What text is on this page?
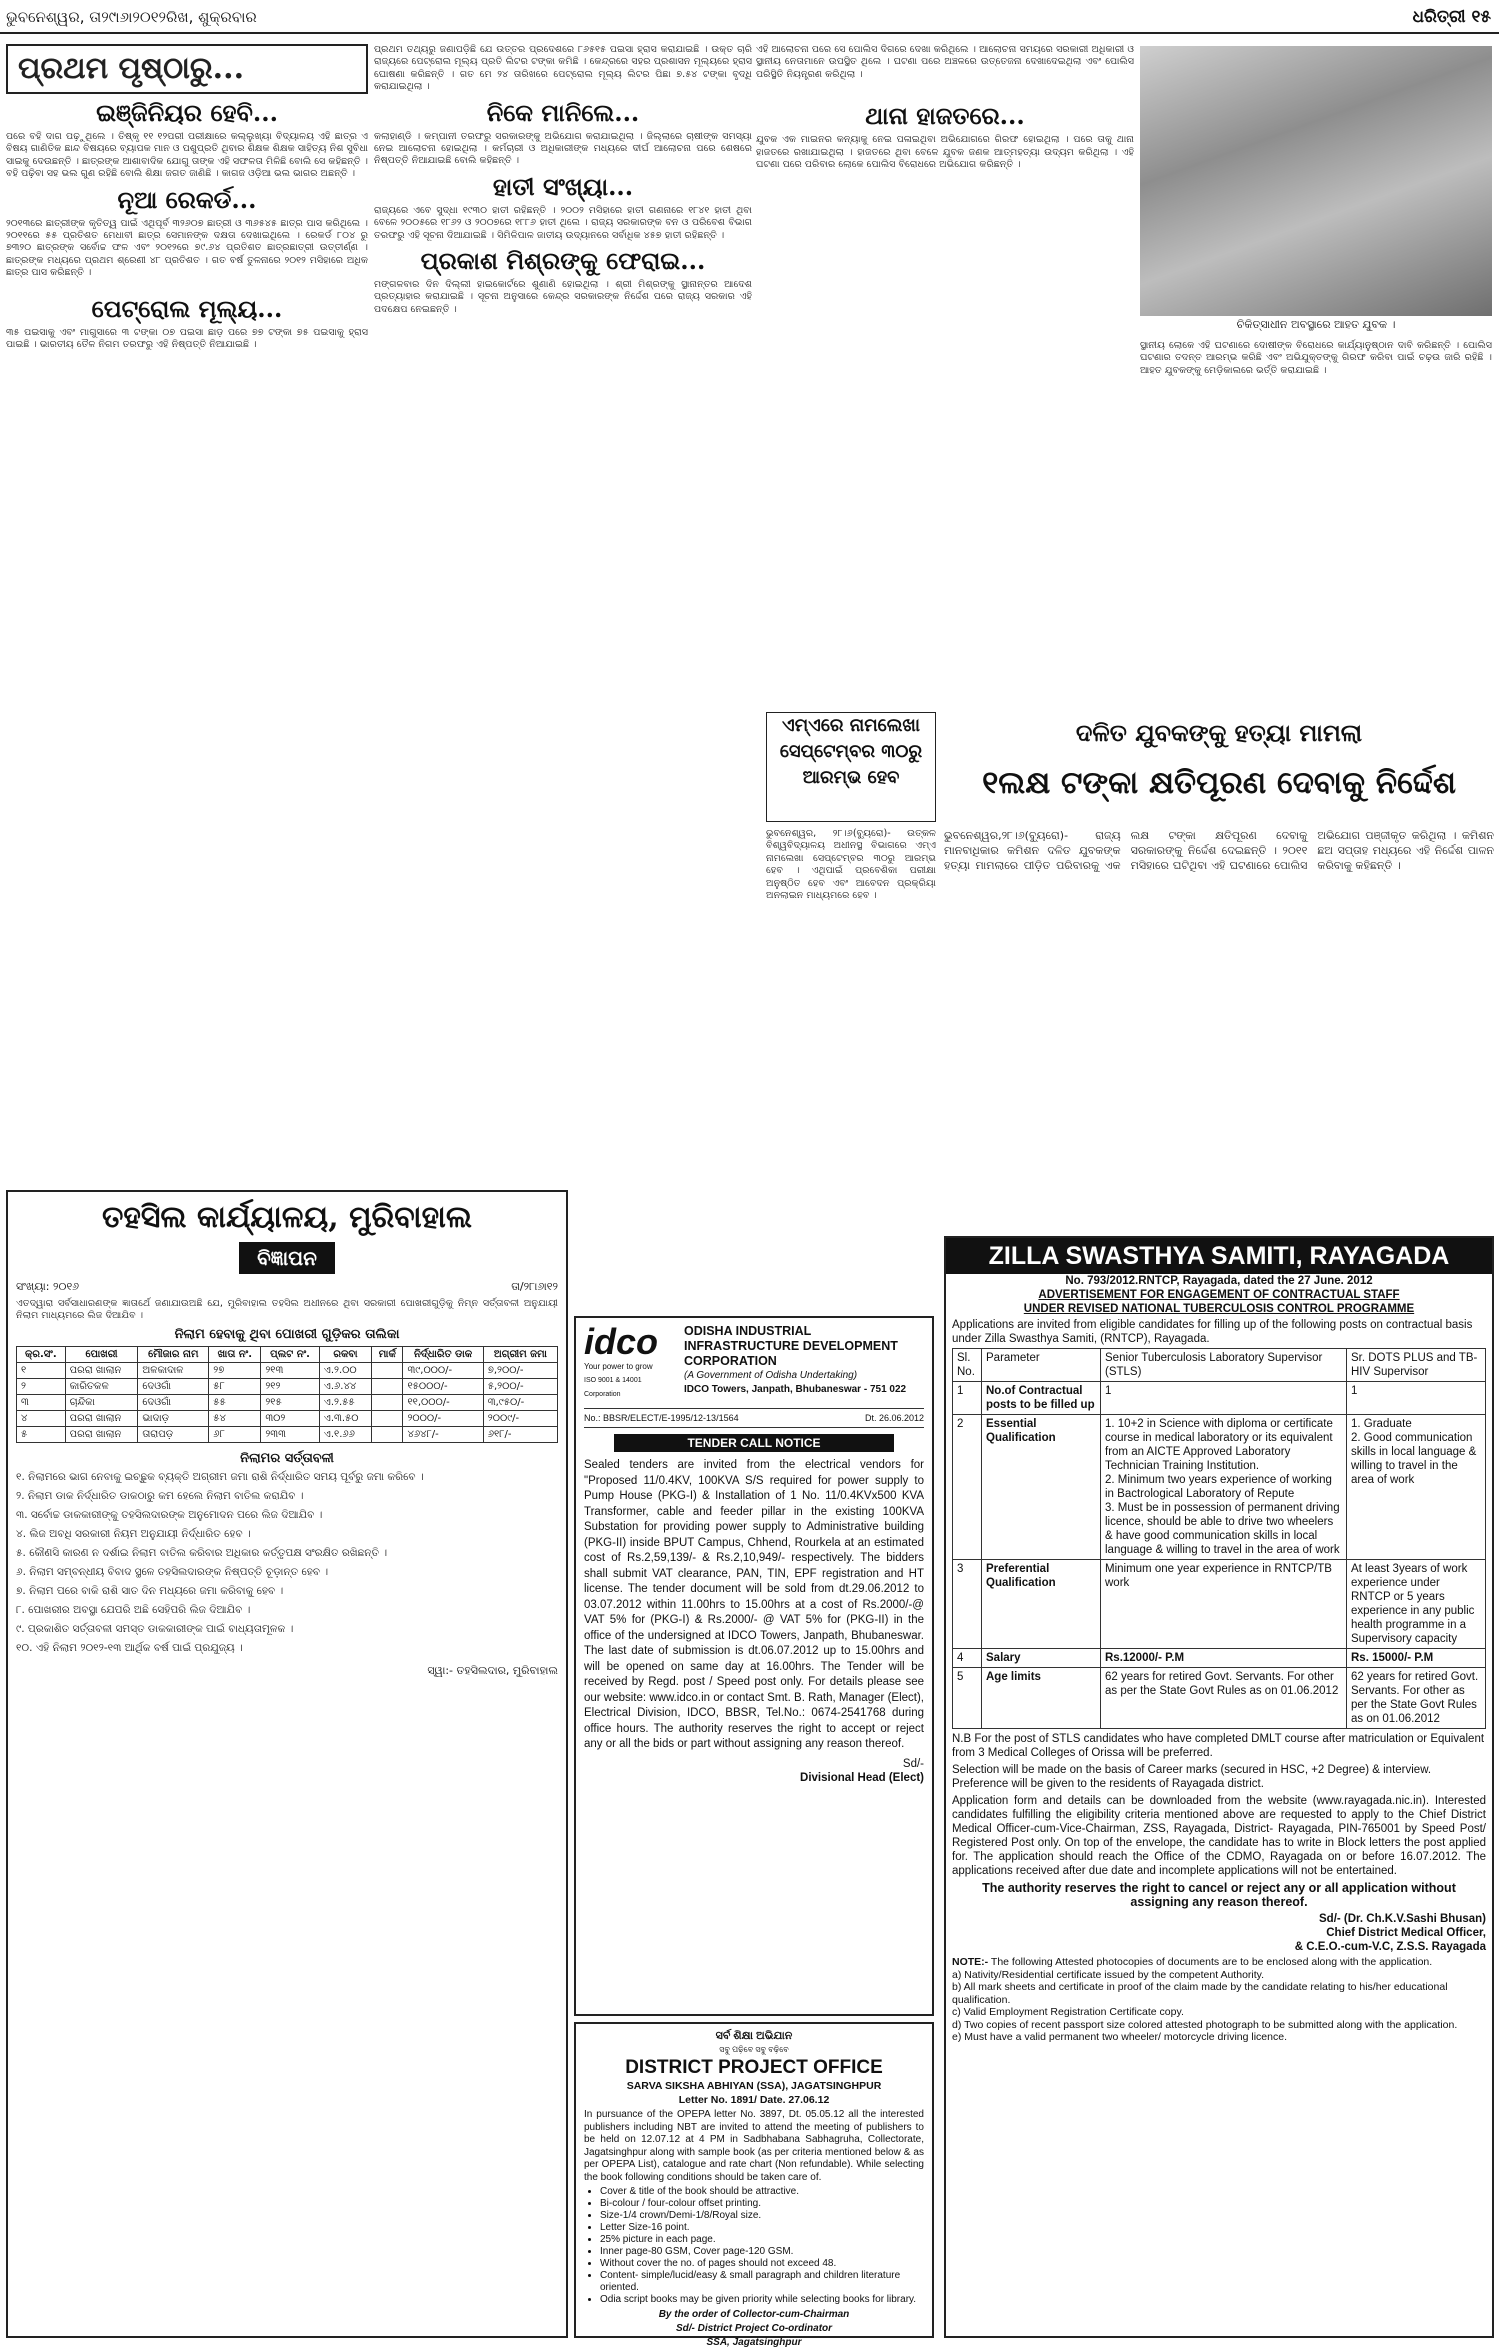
ଭୁବନେଶ୍ୱର, ତା୨୯ା୬ା୨୦୧୨ରିଖ, ଶୁକ୍ରବାର	ଧରିତ୍ରୀ ୧୫
ପ୍ରଥମ ପୃଷ୍ଠାରୁ...
ଇଞ୍ଜିନିୟର ହେବି...

ପରେ ବହି ଦାଗ ପଢ଼ୁଥିଲେ । ତିଷ୍କୃ ୧୧ ୧୨ପରୀ ପରୀକ୍ଷାରେ କଲ୍ଲୁଖ୍ୟା ବିଦ୍ୟାଳୟ ଏହି ଛାତ୍ର ଏ ବିଷୟ ଗାଣିତିକ ଛାନ୍ଦ ବିଷୟରେ ବ୍ୟାପକ ମାନ ଓ ପଶୁପ୍ରତି ଥିବାର ଶିକ୍ଷକ ଶିକ୍ଷକ ସାହିତ୍ୟ ନିଶ ସୁବିଧା ସାଇକୁ ଦେଉଛନ୍ତି । ଛାତ୍ରଙ୍କ ଆଶାବାଦିକ ଯୋଗୁ ତାଙ୍କ ଏହି ସଫଳତା ମିଳିଛି ବୋଲି ସେ କହିଛନ୍ତି । ବହି ପଢ଼ିବା ସହ ଭଲ ଗୁଣ ରହିଛି ବୋଲି ଶିକ୍ଷା ଜଗତ ଜାଣିଛି । କାଗଜ ଓଡ଼ିଆ ଭଲ ଭାଗର ଅଛନ୍ତି ।

ନୂଆ ରେକର୍ଡ...

୨୦୧୩ରେ ଛାତ୍ରୀଙ୍କ କୃତିତ୍ୱ ପାଇଁ ଏଥିପୂର୍ବ ୩୨୬୦୭ ଛାତ୍ରୀ ଓ ୩୬୫୪୫ ଛାତ୍ର ପାସ କରିଥିଲେ । ୨୦୧୧ରେ ୫୫ ପ୍ରତିଶତ ମେଧାବୀ ଛାତ୍ର ସେମାନଙ୍କ ଦକ୍ଷତା ଦେଖାଇଥିଲେ । ରେକର୍ଡ ୮୦୪ ରୁ ୭୩୨୦ ଛାତ୍ରଙ୍କ ସର୍ବୋଚ୍ଚ ଫଳ ଏବଂ ୨୦୧୨ରେ ୭୯.୬୪ ପ୍ରତିଶତ ଛାତ୍ରଛାତ୍ରୀ ଉତ୍ତୀର୍ଣ୍ଣ । ଛାତ୍ରଙ୍କ ମଧ୍ୟରେ ପ୍ରଥମ ଶ୍ରେଣୀ ୪୮ ପ୍ରତିଶତ । ଗତ ବର୍ଷ ତୁଳନାରେ ୨୦୧୨ ମସିହାରେ ଅଧିକ ଛାତ୍ର ପାସ କରିଛନ୍ତି ।

ପେଟ୍ରୋଲ ମୂଲ୍ୟ...

୩୫ ପଇସାକୁ ଏବଂ ମାଗୁସାରେ ୩ ଟଙ୍କା ୦୭ ପଇସା ଛାଡ଼ ପରେ ୭୭ ଟଙ୍କା ୭୫ ପଇସାକୁ ହ୍ରାସ ପାଇଛି । ଭାରତୀୟ ତୈଳ ନିଗମ ତରଫରୁ ଏହି ନିଷ୍ପତ୍ତି ନିଆଯାଇଛି ।

ପ୍ରଥମ ତଥ୍ୟରୁ ଜଣାପଡ଼ିଛି ଯେ ଉତ୍ତର ପ୍ରଦେଶରେ ୮୬୫୧୫ ପଇସା ହ୍ରାସ କରାଯାଇଛି । ଉକ୍ତ ଚାରି ରାଜ୍ୟରେ ପେଟ୍ରୋଲ ମୂଲ୍ୟ ପ୍ରତି ଲିଟର ଟଙ୍କା କମିଛି । କେନ୍ଦ୍ରରେ ସହର ପ୍ରଶାସନ ମୂଲ୍ୟରେ ହ୍ରାସ ଘୋଷଣା କରିଛନ୍ତି । ଗତ ମେ ୨୪ ତାରିଖରେ ପେଟ୍ରୋଲ ମୂଲ୍ୟ ଲିଟର ପିଛା ୭.୫୪ ଟଙ୍କା ବୃଦ୍ଧି କରାଯାଇଥିଲା ।

ନିକେ ମାନିଲେ...

କଲାହାଣ୍ଡି । କମ୍ପାନୀ ତରଫରୁ ସରକାରଙ୍କୁ ଅଭିଯୋଗ କରାଯାଇଥିଲା । ଜିଲ୍ଲାରେ ଚାଷୀଙ୍କ ସମସ୍ୟା ନେଇ ଆଲୋଚନା ହୋଇଥିଲା । କର୍ମଚାରୀ ଓ ଅଧିକାରୀଙ୍କ ମଧ୍ୟରେ ଦୀର୍ଘ ଆଲୋଚନା ପରେ ଶେଷରେ ନିଷ୍ପତ୍ତି ନିଆଯାଇଛି ବୋଲି କହିଛନ୍ତି ।

ହାତୀ ସଂଖ୍ୟା...

ରାଜ୍ୟରେ ଏବେ ସୁଦ୍ଧା ୧୯୩୦ ହାତୀ ରହିଛନ୍ତି । ୨୦୦୨ ମସିହାରେ ହାତୀ ଗଣନାରେ ୧୮୪୧ ହାତୀ ଥିବା ବେଳେ ୨୦୦୫ରେ ୧୮୬୨ ଓ ୨୦୦୭ରେ ୧୮୮୬ ହାତୀ ଥିଲେ । ରାଜ୍ୟ ସରକାରଙ୍କ ବନ ଓ ପରିବେଶ ବିଭାଗ ତରଫରୁ ଏହି ସୂଚନା ଦିଆଯାଇଛି । ସିମିଳିପାଳ ଜାତୀୟ ଉଦ୍ୟାନରେ ସର୍ବାଧିକ ୪୫୭ ହାତୀ ରହିଛନ୍ତି ।

ପ୍ରକାଶ ମିଶ୍ରଙ୍କୁ ଫେରାଇ...

ମଙ୍ଗଳବାର ଦିନ ଦିଲ୍ଲୀ ହାଇକୋର୍ଟରେ ଶୁଣାଣି ହୋଇଥିଲା । ଶ୍ରୀ ମିଶ୍ରଙ୍କୁ ସ୍ଥାନାନ୍ତର ଆଦେଶ ପ୍ରତ୍ୟାହାର କରାଯାଇଛି । ସୂଚନା ଅନୁସାରେ କେନ୍ଦ୍ର ସରକାରଙ୍କ ନିର୍ଦ୍ଦେଶ ପରେ ରାଜ୍ୟ ସରକାର ଏହି ପଦକ୍ଷେପ ନେଇଛନ୍ତି ।

ଏହି ଆଲୋଚନା ପରେ ସେ ପୋଲିସ ଦିଗରେ ଦେଖା କରିଥିଲେ । ଆଲୋଚନା ସମୟରେ ସରକାରୀ ଅଧିକାରୀ ଓ ସ୍ଥାନୀୟ ନେତାମାନେ ଉପସ୍ଥିତ ଥିଲେ । ଘଟଣା ପରେ ଅଞ୍ଚଳରେ ଉତ୍ତେଜନା ଦେଖାଦେଇଥିଲା ଏବଂ ପୋଲିସ ପରିସ୍ଥିତି ନିୟନ୍ତ୍ରଣ କରିଥିଲା ।

ଥାନା ହାଜତରେ...

ଯୁବକ ଏକ ମାଇନର କନ୍ୟାକୁ ନେଇ ପଳାଇଥିବା ଅଭିଯୋଗରେ ଗିରଫ ହୋଇଥିଲା । ପରେ ତାକୁ ଥାନା ହାଜତରେ ରଖାଯାଇଥିଲା । ହାଜତରେ ଥିବା ବେଳେ ଯୁବକ ଜଣକ ଆତ୍ମହତ୍ୟା ଉଦ୍ୟମ କରିଥିଲା । ଏହି ଘଟଣା ପରେ ପରିବାର ଲୋକେ ପୋଲିସ ବିରୋଧରେ ଅଭିଯୋଗ କରିଛନ୍ତି ।

ଚିକିତ୍ସାଧୀନ ଅବସ୍ଥାରେ ଆହତ ଯୁବକ ।

ସ୍ଥାନୀୟ ଲୋକେ ଏହି ଘଟଣାରେ ଦୋଷୀଙ୍କ ବିରୋଧରେ କାର୍ଯ୍ୟାନୁଷ୍ଠାନ ଦାବି କରିଛନ୍ତି । ପୋଲିସ ଘଟଣାର ତଦନ୍ତ ଆରମ୍ଭ କରିଛି ଏବଂ ଅଭିଯୁକ୍ତଙ୍କୁ ଗିରଫ କରିବା ପାଇଁ ଚଢ଼ଉ ଜାରି ରହିଛି । ଆହତ ଯୁବକଙ୍କୁ ମେଡ଼ିକାଲରେ ଭର୍ତ୍ତି କରାଯାଇଛି ।

ଏମ୍ଏରେ ନାମଲେଖା
ସେପ୍ଟେମ୍ବର ୩୦ରୁ
ଆରମ୍ଭ ହେବ

ଭୁବନେଶ୍ୱର, ୨୮।୬(ବ୍ୟୁରୋ)- ଉତ୍କଳ ବିଶ୍ୱବିଦ୍ୟାଳୟ ଅଧୀନସ୍ଥ ବିଭାଗରେ ଏମ୍ଏ ନାମଲେଖା ସେପ୍ଟେମ୍ବର ୩୦ରୁ ଆରମ୍ଭ ହେବ । ଏଥିପାଇଁ ପ୍ରବେଶିକା ପରୀକ୍ଷା ଅନୁଷ୍ଠିତ ହେବ ଏବଂ ଆବେଦନ ପ୍ରକ୍ରିୟା ଅନଲାଇନ ମାଧ୍ୟମରେ ହେବ ।

ଦଳିତ ଯୁବକଙ୍କୁ ହତ୍ୟା ମାମଲା
୧ଲକ୍ଷ ଟଙ୍କା କ୍ଷତିପୂରଣ ଦେବାକୁ ନିର୍ଦ୍ଦେଶ

ଭୁବନେଶ୍ୱର,୨୮।୬(ବ୍ୟୁରୋ)- ରାଜ୍ୟ ମାନବାଧିକାର କମିଶନ ଦଳିତ ଯୁବକଙ୍କ ହତ୍ୟା ମାମଲାରେ ପୀଡ଼ିତ ପରିବାରକୁ ଏକ ଲକ୍ଷ ଟଙ୍କା କ୍ଷତିପୂରଣ ଦେବାକୁ ସରକାରଙ୍କୁ ନିର୍ଦ୍ଦେଶ ଦେଇଛନ୍ତି । ୨୦୧୧ ମସିହାରେ ଘଟିଥିବା ଏହି ଘଟଣାରେ ପୋଲିସ ଅଭିଯୋଗ ପଞ୍ଜୀକୃତ କରିଥିଲା । କମିଶନ ଛଅ ସପ୍ତାହ ମଧ୍ୟରେ ଏହି ନିର୍ଦ୍ଦେଶ ପାଳନ କରିବାକୁ କହିଛନ୍ତି ।

ତହସିଲ କାର୍ଯ୍ୟାଳୟ, ମୁରିବାହାଲ
ବିଜ୍ଞାପନ
ସଂଖ୍ୟା: ୨୦୧୬	ତା/୨୮ା୬ା୧୨

ଏତଦ୍ୱାରା ସର୍ବସାଧାରଣଙ୍କ ଜ୍ଞାତାର୍ଥେ ଜଣାଯାଉଅଛି ଯେ, ମୁରିବାହାଲ ତହସିଲ ଅଧୀନରେ ଥିବା ସରକାରୀ ପୋଖରୀଗୁଡ଼ିକୁ ନିମ୍ନ ସର୍ତ୍ତାବଳୀ ଅନୁଯାୟୀ ନିଲାମ ମାଧ୍ୟମରେ ଲିଜ ଦିଆଯିବ ।

ନିଲାମ ହେବାକୁ ଥିବା ପୋଖରୀ ଗୁଡ଼ିକର ତାଲିକା
କ୍ର.ସଂ.	ପୋଖରୀ	ମୌଜାର ନାମ	ଖାତା ନଂ.	ପ୍ଲଟ ନଂ.	ରକବା	ମାର୍କ	ନିର୍ଦ୍ଧାରିତ ଡାକ	ଅଗ୍ରୀମ ଜମା
୧	ପରରା ଖାଲାନ	ଅଳକାଦାଳ	୨୭	୨୧୩	ଏ.୨.୦୦		୩୯,୦୦୦/-	୭,୨୦୦/-
୨	କାରିତକଳ	ଦେଓଗାଁ	୫୮	୨୧୨	ଏ.୬.୪୪		୧୫୦୦୦/-	୫,୨୦୦/-
୩	ଚାନ୍ଦିକା	ଦେଓଗାଁ	୫୫	୨୧୫	ଏ.୨.୫୫		୧୧,୦୦୦/-	୩,୯୫୦/-
୪	ପରରା ଖାଲାନ	ଭାଦାଡ଼	୫୪	୩୦୨	ଏ.୩.୫୦		୨୦୦୦/-	୨୦୦୯/-
୫	ପରରା ଖାଲାନ	ତାରାପଡ଼	୬୮	୨୩୩	ଏ.୧.୬୬		୪୬୪୮/-	୬୧୮/-
ନିଲାମର ସର୍ତ୍ତାବଳୀ

୧. ନିଲାମରେ ଭାଗ ନେବାକୁ ଇଚ୍ଛୁକ ବ୍ୟକ୍ତି ଅଗ୍ରୀମ ଜମା ରାଶି ନିର୍ଦ୍ଧାରିତ ସମୟ ପୂର୍ବରୁ ଜମା କରିବେ ।

୨. ନିଲାମ ଡାକ ନିର୍ଦ୍ଧାରିତ ଡାକଠାରୁ କମ ହେଲେ ନିଲାମ ବାତିଲ କରାଯିବ ।

୩. ସର୍ବୋଚ୍ଚ ଡାକକାରୀଙ୍କୁ ତହସିଲଦାରଙ୍କ ଅନୁମୋଦନ ପରେ ଲିଜ ଦିଆଯିବ ।

୪. ଲିଜ ଅବଧି ସରକାରୀ ନିୟମ ଅନୁଯାୟୀ ନିର୍ଦ୍ଧାରିତ ହେବ ।

୫. କୌଣସି କାରଣ ନ ଦର୍ଶାଇ ନିଲାମ ବାତିଲ କରିବାର ଅଧିକାର କର୍ତ୍ତୃପକ୍ଷ ସଂରକ୍ଷିତ ରଖିଛନ୍ତି ।

୬. ନିଲାମ ସମ୍ବନ୍ଧୀୟ ବିବାଦ ସ୍ଥଳେ ତହସିଲଦାରଙ୍କ ନିଷ୍ପତ୍ତି ଚୂଡ଼ାନ୍ତ ହେବ ।

୭. ନିଲାମ ପରେ ବାକି ରାଶି ସାତ ଦିନ ମଧ୍ୟରେ ଜମା କରିବାକୁ ହେବ ।

୮. ପୋଖରୀର ଅବସ୍ଥା ଯେପରି ଅଛି ସେହିପରି ଲିଜ ଦିଆଯିବ ।

୯. ପ୍ରକାଶିତ ସର୍ତ୍ତାବଳୀ ସମସ୍ତ ଡାକକାରୀଙ୍କ ପାଇଁ ବାଧ୍ୟତାମୂଳକ ।

୧୦. ଏହି ନିଲାମ ୨୦୧୨-୧୩ ଆର୍ଥିକ ବର୍ଷ ପାଇଁ ପ୍ରଯୁଜ୍ୟ ।

ସ୍ୱା:- ତହସିଲଦାର, ମୁରିବାହାଲ
idco
Your power to grow
ISO 9001 & 14001 Corporation
ODISHA INDUSTRIAL INFRASTRUCTURE DEVELOPMENT CORPORATION
(A Government of Odisha Undertaking)
IDCO Towers, Janpath, Bhubaneswar - 751 022
No.: BBSR/ELECT/E-1995/12-13/1564	Dt. 26.06.2012
TENDER CALL NOTICE

Sealed tenders are invited from the electrical vendors for "Proposed 11/0.4KV, 100KVA S/S required for power supply to Pump House (PKG-I) & Installation of 1 No. 11/0.4KVx500 KVA Transformer, cable and feeder pillar in the existing 100KVA Substation for providing power supply to Administrative building (PKG-II) inside BPUT Campus, Chhend, Rourkela at an estimated cost of Rs.2,59,139/- & Rs.2,10,949/- respectively. The bidders shall submit VAT clearance, PAN, TIN, EPF registration and HT license. The tender document will be sold from dt.29.06.2012 to 03.07.2012 within 11.00hrs to 15.00hrs at a cost of Rs.2000/-@ VAT 5% for (PKG-I) & Rs.2000/- @ VAT 5% for (PKG-II) in the office of the undersigned at IDCO Towers, Janpath, Bhubaneswar. The last date of submission is dt.06.07.2012 up to 15.00hrs and will be opened on same day at 16.00hrs. The Tender will be received by Regd. post / Speed post only. For details please see our website: www.idco.in or contact Smt. B. Rath, Manager (Elect), Electrical Division, IDCO, BBSR, Tel.No.: 0674-2541768 during office hours. The authority reserves the right to accept or reject any or all the bids or part without assigning any reason thereof.

Sd/-
Divisional Head (Elect)
ସର୍ବ ଶିକ୍ଷା ଅଭିଯାନ
ସବୁ ପଢ଼ିବେ ସବୁ ବଢ଼ିବେ
DISTRICT PROJECT OFFICE
SARVA SIKSHA ABHIYAN (SSA), JAGATSINGHPUR
Letter No. 1891/ Date. 27.06.12

In pursuance of the OPEPA letter No. 3897, Dt. 05.05.12 all the interested publishers including NBT are invited to attend the meeting of publishers to be held on 12.07.12 at 4 PM in Sadbhabana Sabhagruha, Collectorate, Jagatsinghpur along with sample book (as per criteria mentioned below & as per OPEPA List), catalogue and rate chart (Non refundable). While selecting the book following conditions should be taken care of.

• Cover & title of the book should be attractive.
• Bi-colour / four-colour offset printing.
• Size-1/4 crown/Demi-1/8/Royal size.
• Letter Size-16 point.
• 25% picture in each page.
• Inner page-80 GSM, Cover page-120 GSM.
• Without cover the no. of pages should not exceed 48.
• Content- simple/lucid/easy & small paragraph and children literature oriented.
• Odia script books may be given priority while selecting books for library.
By the order of Collector-cum-Chairman
Sd/- District Project Co-ordinator
SSA, Jagatsinghpur
ZILLA SWASTHYA SAMITI, RAYAGADA
No. 793/2012.RNTCP, Rayagada, dated the 27 June. 2012
ADVERTISEMENT FOR ENGAGEMENT OF CONTRACTUAL STAFF
UNDER REVISED NATIONAL TUBERCULOSIS CONTROL PROGRAMME

Applications are invited from eligible candidates for filling up of the following posts on contractual basis under Zilla Swasthya Samiti, (RNTCP), Rayagada.

Sl. No.	Parameter	Senior Tuberculosis Laboratory Supervisor (STLS)	Sr. DOTS PLUS and TB-HIV Supervisor
1	No.of Contractual posts to be filled up	1	1
2	Essential Qualification	1. 10+2 in Science with diploma or certificate course in medical laboratory or its equivalent from an AICTE Approved Laboratory Technician Training Institution.
2. Minimum two years experience of working in Bactrological Laboratory of Repute
3. Must be in possession of permanent driving licence, should be able to drive two wheelers & have good communication skills in local language & willing to travel in the area of work	1. Graduate
2. Good communication skills in local language & willing to travel in the area of work
3	Preferential Qualification	Minimum one year experience in RNTCP/TB work	At least 3years of work experience under RNTCP or 5 years experience in any public health programme in a Supervisory capacity
4	Salary	Rs.12000/- P.M	Rs. 15000/- P.M
5	Age limits	62 years for retired Govt. Servants. For other as per the State Govt Rules as on 01.06.2012	62 years for retired Govt. Servants. For other as per the State Govt Rules as on 01.06.2012

N.B For the post of STLS candidates who have completed DMLT course after matriculation or Equivalent from 3 Medical Colleges of Orissa will be preferred.

Selection will be made on the basis of Career marks (secured in HSC, +2 Degree) & interview. Preference will be given to the residents of Rayagada district.

Application form and details can be downloaded from the website (www.rayagada.nic.in). Interested candidates fulfilling the eligibility criteria mentioned above are requested to apply to the Chief District Medical Officer-cum-Vice-Chairman, ZSS, Rayagada, District- Rayagada, PIN-765001 by Speed Post/ Registered Post only. On top of the envelope, the candidate has to write in Block letters the post applied for. The application should reach the Office of the CDMO, Rayagada on or before 16.07.2012. The applications received after due date and incomplete applications will not be entertained.

The authority reserves the right to cancel or reject any or all application without assigning any reason thereof.

Sd/- (Dr. Ch.K.V.Sashi Bhusan)
Chief District Medical Officer,
& C.E.O.-cum-V.C, Z.S.S. Rayagada
NOTE:- The following Attested photocopies of documents are to be enclosed along with the application.
a) Nativity/Residential certificate issued by the competent Authority.
b) All mark sheets and certificate in proof of the claim made by the candidate relating to his/her educational qualification.
c) Valid Employment Registration Certificate copy.
d) Two copies of recent passport size colored attested photograph to be submitted along with the application.
e) Must have a valid permanent two wheeler/ motorcycle driving licence.
